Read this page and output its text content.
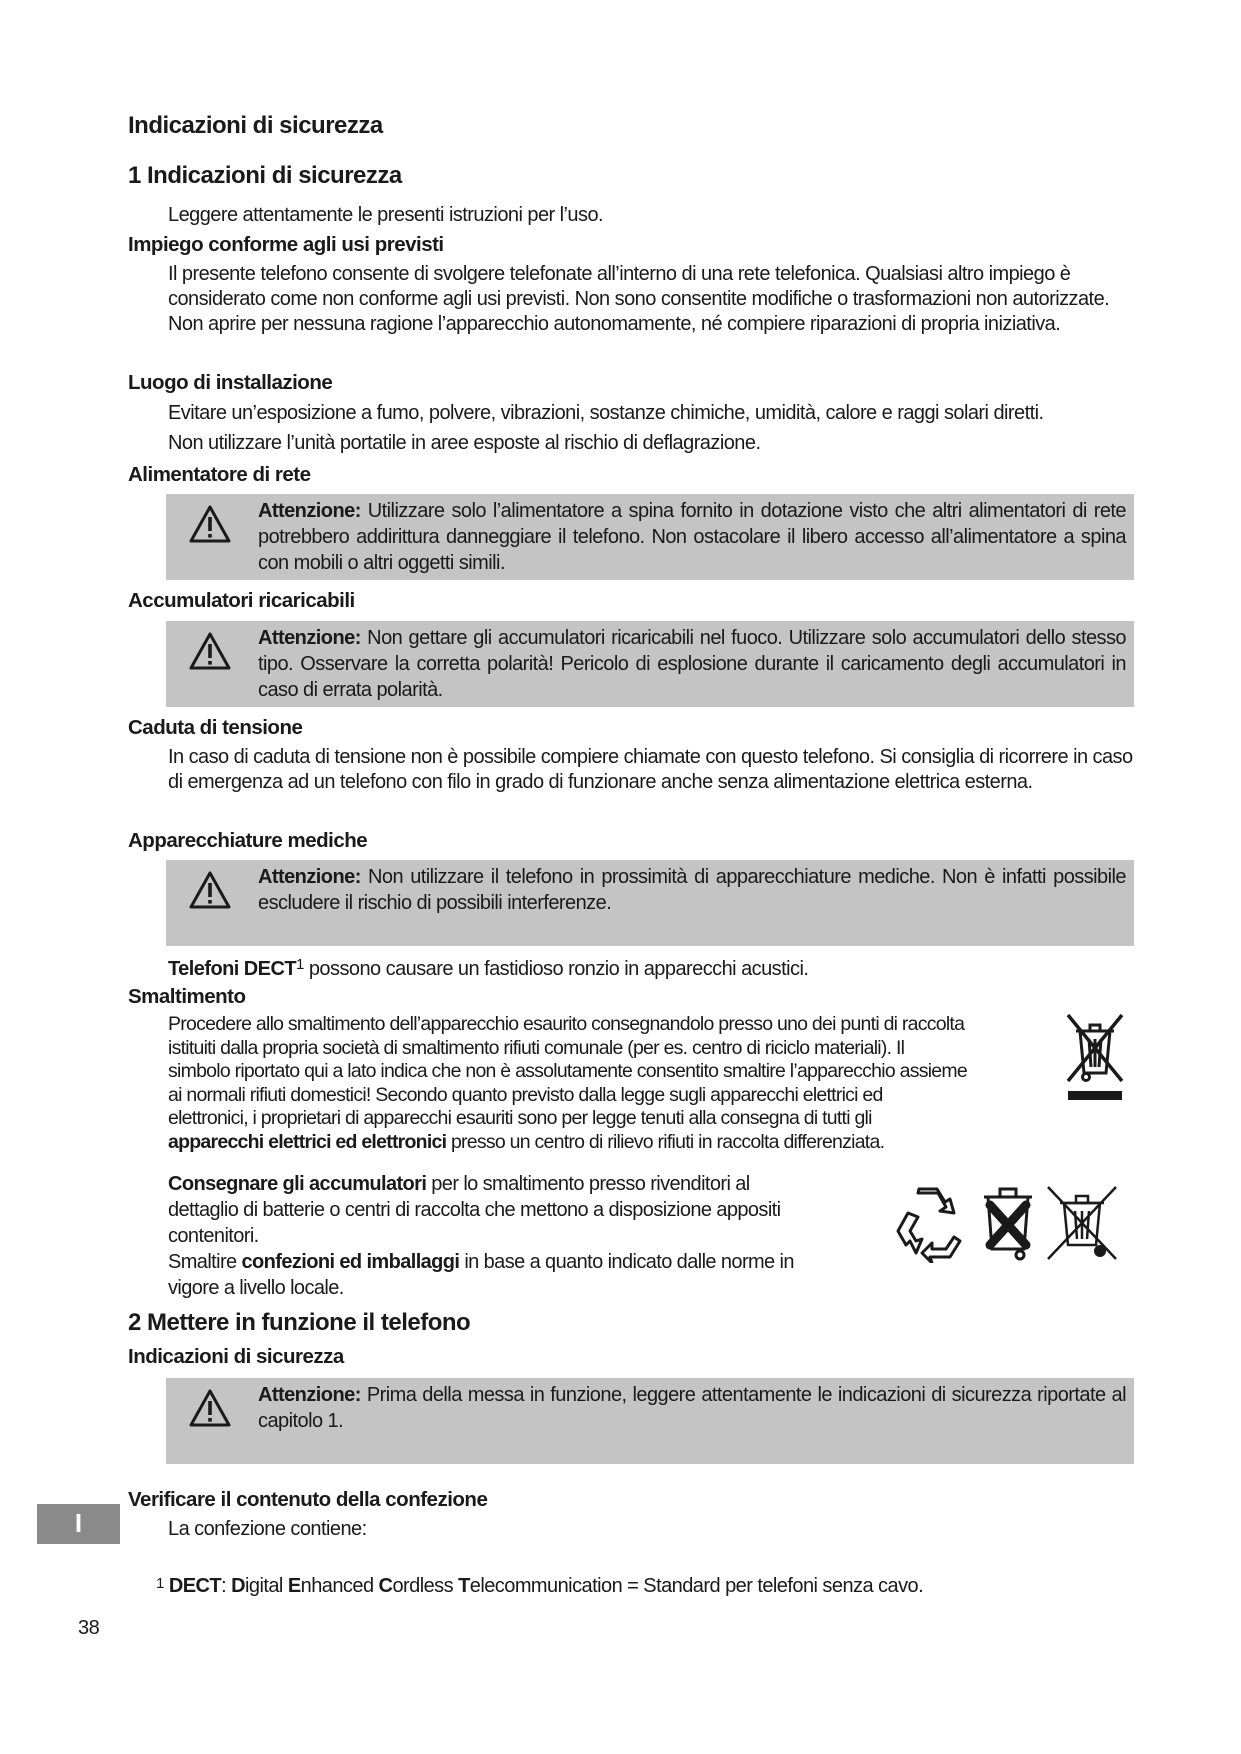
Indicazioni di sicurezza
1 Indicazioni di sicurezza

Leggere attentamente le presenti istruzioni per l’uso.

Impiego conforme agli usi previsti

Il presente telefono consente di svolgere telefonate all’interno di una rete telefonica. Qualsiasi altro impiego è considerato come non conforme agli usi previsti. Non sono consentite modifiche o trasformazioni non autorizzate. Non aprire per nessuna ragione l’apparecchio autonomamente, né compiere riparazioni di propria iniziativa.

Luogo di installazione

Evitare un’esposizione a fumo, polvere, vibrazioni, sostanze chimiche, umidità, calore e raggi solari diretti.

Non utilizzare l’unità portatile in aree esposte al rischio di deflagrazione.

Alimentatore di rete

Attenzione: Utilizzare solo l’alimentatore a spina fornito in dotazione visto che altri alimentatori di rete potrebbero addirittura danneggiare il telefono. Non ostacolare il libero accesso all’alimentatore a spina con mobili o altri oggetti simili.

Accumulatori ricaricabili

Attenzione: Non gettare gli accumulatori ricaricabili nel fuoco. Utilizzare solo accumulatori dello stesso tipo. Osservare la corretta polarità! Pericolo di esplosione durante il caricamento degli accumulatori in caso di errata polarità.

Caduta di tensione

In caso di caduta di tensione non è possibile compiere chiamate con questo telefono. Si consiglia di ricorrere in caso di emergenza ad un telefono con filo in grado di funzionare anche senza alimentazione elettrica esterna.

Apparecchiature mediche

Attenzione: Non utilizzare il telefono in prossimità di apparecchiature mediche. Non è infatti possibile escludere il rischio di possibili interferenze.

Telefoni DECT$^1$ possono causare un fastidioso ronzio in apparecchi acustici.

Smaltimento

Procedere allo smaltimento dell’apparecchio esaurito consegnandolo presso uno dei punti di raccolta
istituiti dalla propria società di smaltimento rifiuti comunale (per es. centro di riciclo materiali). Il
simbolo riportato qui a lato indica che non è assolutamente consentito smaltire l’apparecchio assieme
ai normali rifiuti domestici! Secondo quanto previsto dalla legge sugli apparecchi elettrici ed
elettronici, i proprietari di apparecchi esauriti sono per legge tenuti alla consegna di tutti gli
apparecchi elettrici ed elettronici presso un centro di rilievo rifiuti in raccolta differenziata.
Consegnare gli accumulatori per lo smaltimento presso rivenditori al
dettaglio di batterie o centri di raccolta che mettono a disposizione appositi
contenitori.
Smaltire confezioni ed imballaggi in base a quanto indicato dalle norme in
vigore a livello locale.
2 Mettere in funzione il telefono

Indicazioni di sicurezza

Attenzione: Prima della messa in funzione, leggere attentamente le indicazioni di sicurezza riportate al capitolo 1.

Verificare il contenuto della confezione

La confezione contiene:

I
$^1$ DECT: Digital Enhanced Cordless Telecommunication = Standard per telefoni senza cavo.
38
